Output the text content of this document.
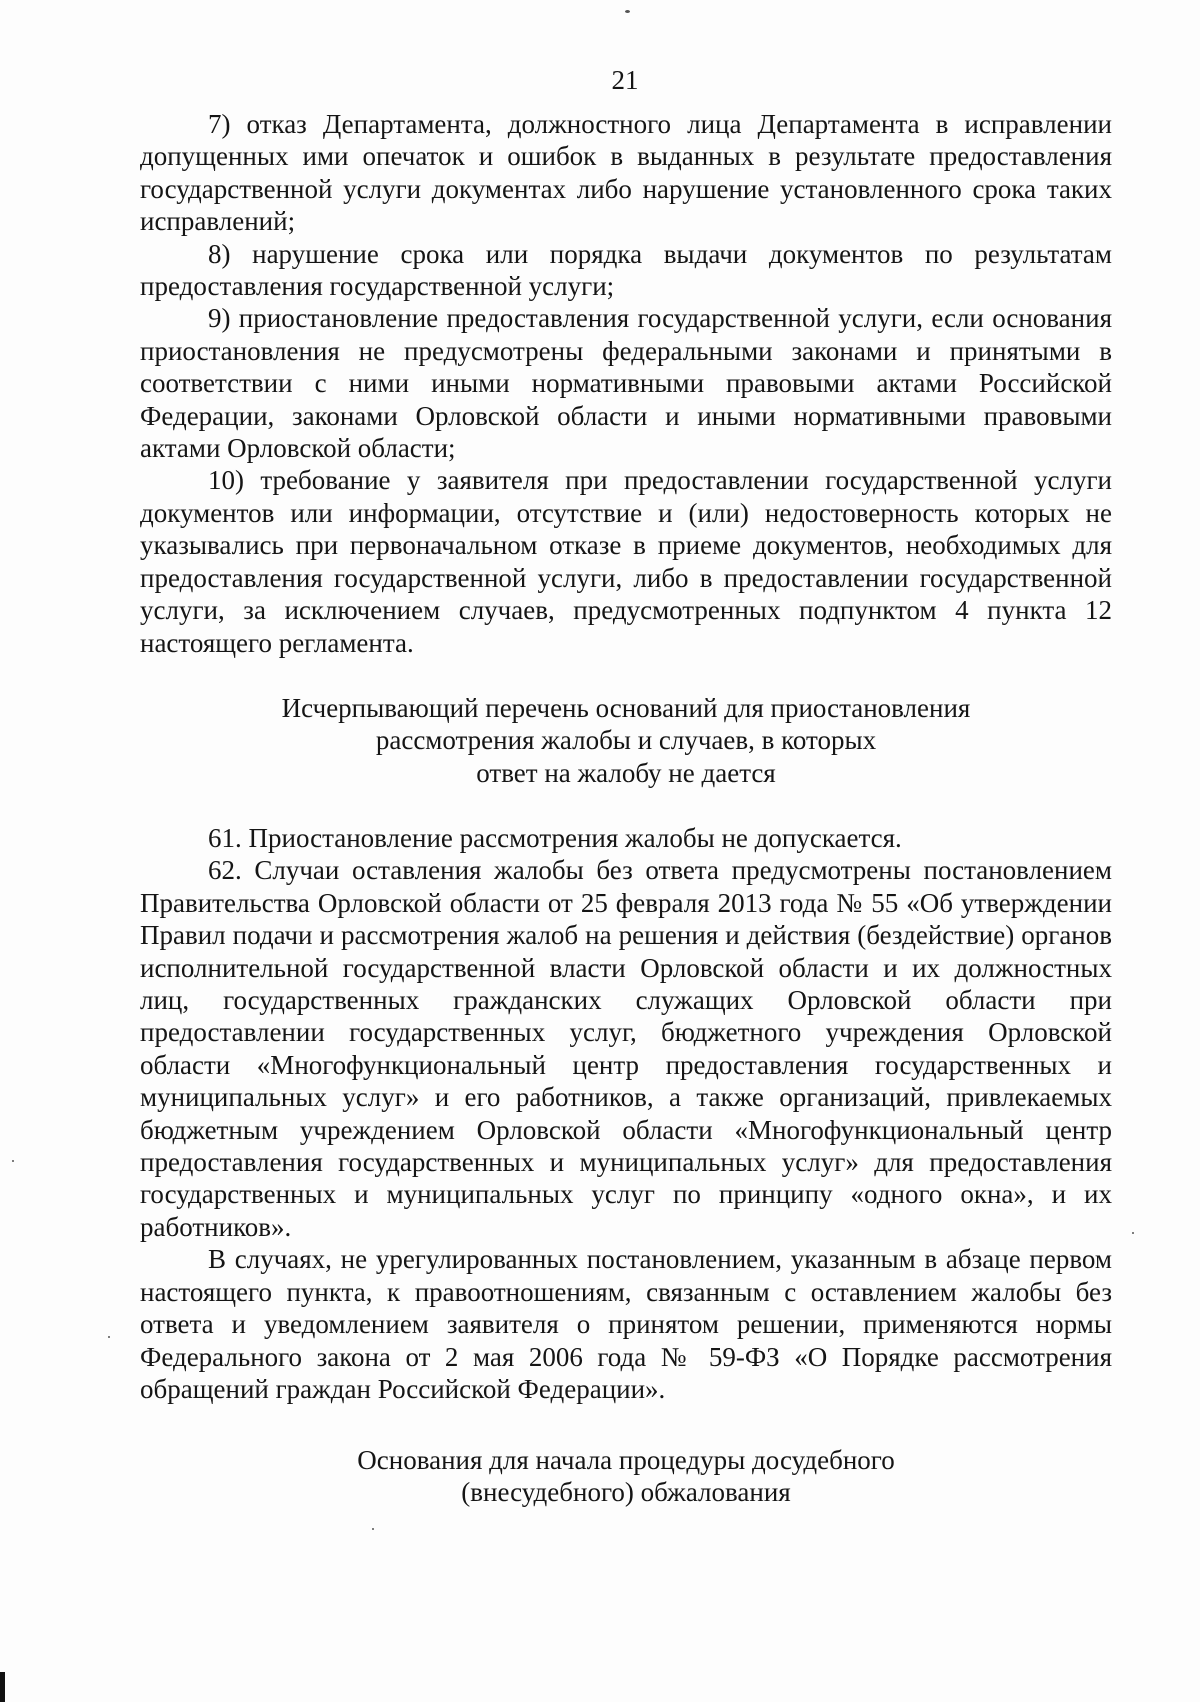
21

7) отказ Департамента, должностного лица Департамента в исправлении допущенных ими опечаток и ошибок в выданных в результате предоставления государственной услуги документах либо нарушение установленного срока таких исправлений;

8) нарушение срока или порядка выдачи документов по результатам предоставления государственной услуги;

9) приостановление предоставления государственной услуги, если основания приостановления не предусмотрены федеральными законами и принятыми в соответствии с ними иными нормативными правовыми актами Российской Федерации, законами Орловской области и иными нормативными правовыми актами Орловской области;

10) требование у заявителя при предоставлении государственной услуги документов или информации, отсутствие и (или) недостоверность которых не указывались при первоначальном отказе в приеме документов, необходимых для предоставления государственной услуги, либо в предоставлении государственной услуги, за исключением случаев, предусмотренных подпунктом 4 пункта 12 настоящего регламента.

Исчерпывающий перечень оснований для приостановления
рассмотрения жалобы и случаев, в которых
ответ на жалобу не дается

61. Приостановление рассмотрения жалобы не допускается.

62. Случаи оставления жалобы без ответа предусмотрены постановлением Правительства Орловской области от 25 февраля 2013 года № 55 «Об утверждении Правил подачи и рассмотрения жалоб на решения и действия (бездействие) органов исполнительной государственной власти Орловской области и их должностных лиц, государственных гражданских служащих Орловской области при предоставлении государственных услуг, бюджетного учреждения Орловской области «Многофункциональный центр предоставления государственных и муниципальных услуг» и его работников, а также организаций, привлекаемых бюджетным учреждением Орловской области «Многофункциональный центр предоставления государственных и муниципальных услуг» для предоставления государственных и муниципальных услуг по принципу «одного окна», и их работников».

В случаях, не урегулированных постановлением, указанным в абзаце первом настоящего пункта, к правоотношениям, связанным с оставлением жалобы без ответа и уведомлением заявителя о принятом решении, применяются нормы Федерального закона от 2 мая 2006 года № 59-ФЗ «О Порядке рассмотрения обращений граждан Российской Федерации».

Основания для начала процедуры досудебного
(внесудебного) обжалования
